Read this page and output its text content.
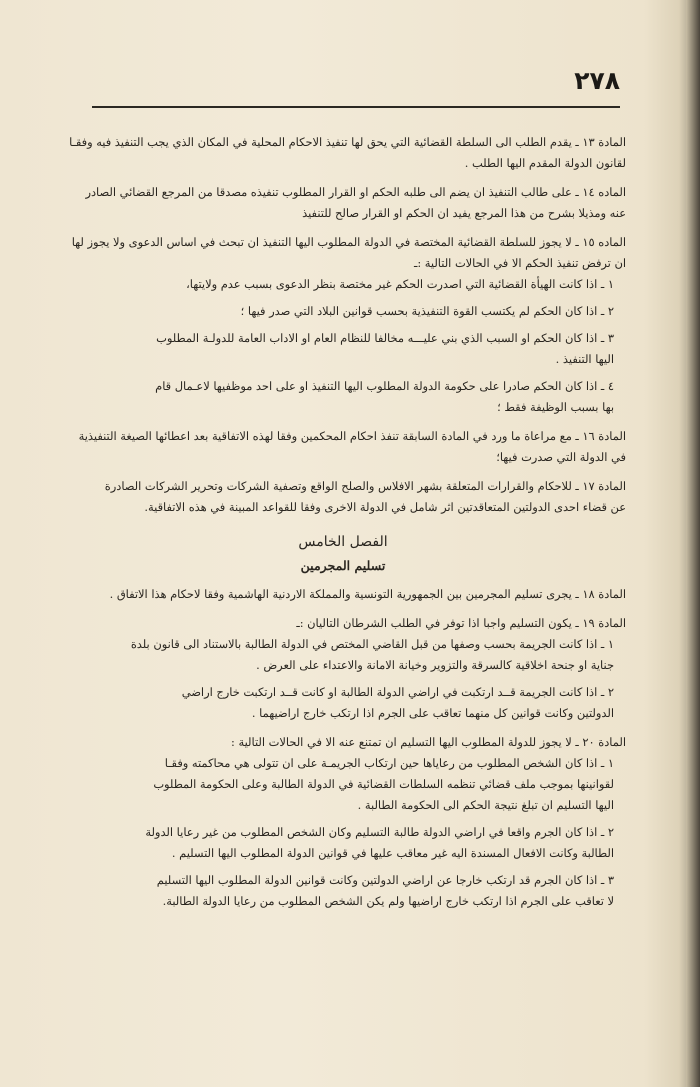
٢٧٨

المادة ١٣ ـ يقدم الطلب الى السلطة القضائية التي يحق لها تنفيذ الاحكام المحلية في المكان الذي يجب التنفيذ فيه وفقـا

لقانون الدولة المقدم اليها الطلب .

الماده ١٤ ـ على طالب التنفيذ ان يضم الى طلبه الحكم او القرار المطلوب تنفيذه مصدقا من المرجع القضائي الصادر

عنه ومذيلا بشرح من هذا المرجع يفيد ان الحكم او القرار صالح للتنفيذ

الماده ١٥ ـ لا يجوز للسلطة القضائية المختصة في الدولة المطلوب اليها التنفيذ ان تبحث في اساس الدعوى ولا يجوز لها

ان ترفض تنفيذ الحكم الا في الحالات التالية :ـ

١ ـ اذا كانت الهيأة القضائية التي اصدرت الحكم غير مختصة بنظر الدعوى بسبب عدم ولايتها،

٢ ـ اذا كان الحكم لم يكتسب القوة التنفيذية بحسب قوانين البلاد التي صدر فيها ؛

٣ ـ اذا كان الحكم او السبب الذي بني عليـــه مخالفا للنظام العام او الاداب العامة للدولـة المطلوب

اليها التنفيذ .

٤ ـ اذا كان الحكم صادرا على حكومة الدولة المطلوب اليها التنفيذ او على احد موظفيها لاعـمال قام

بها بسبب الوظيفة فقط ؛

المادة ١٦ ـ مع مراعاة ما ورد في المادة السابقة تنفذ احكام المحكمين وفقا لهذه الاتفاقية بعد اعطائها الصيغة التنفيذية

في الدولة التي صدرت فيها؛

المادة ١٧ ـ للاحكام والقرارات المتعلقة بشهر الافلاس والصلح الواقع وتصفية الشركات وتحرير الشركات الصادرة

عن قضاء احدى الدولتين المتعاقدتين اثر شامل في الدولة الاخرى وفقا للقواعد المبينة في هذه الاتفاقية.

الفصل الخامس
تسليم المجرمين

المادة ١٨ ـ يجرى تسليم المجرمين بين الجمهورية التونسية والمملكة الاردنية الهاشمية وفقا لاحكام هذا الاتفاق .

المادة ١٩ ـ يكون التسليم واجبا اذا توفر في الطلب الشرطان التاليان :ـ

١ ـ اذا كانت الجريمة بحسب وصفها من قبل القاضي المختص في الدولة الطالبة بالاستناد الى قانون بلدة

جناية او جنحة اخلاقية كالسرقة والتزوير وخيانة الامانة والاعتداء على العرض .

٢ ـ اذا كانت الجريمة قــد ارتكبت في اراضي الدولة الطالبة او كانت قــد ارتكبت خارج اراضي

الدولتين وكانت قوانين كل منهما تعاقب على الجرم اذا ارتكب خارج اراضيهما .

المادة ٢٠ ـ لا يجوز للدولة المطلوب اليها التسليم ان تمتنع عنه الا في الحالات التالية :

١ ـ اذا كان الشخص المطلوب من رعاياها حين ارتكاب الجريمـة على ان تتولى هي محاكمته وفقـا

لقوانينها بموجب ملف قضائي تنظمه السلطات القضائية في الدولة الطالبة وعلى الحكومة المطلوب

اليها التسليم ان تبلغ نتيجة الحكم الى الحكومة الطالبة .

٢ ـ اذا كان الجرم واقعا في اراضي الدولة طالبة التسليم وكان الشخص المطلوب من غير رعايا الدولة

الطالبة وكانت الافعال المسندة اليه غير معاقب عليها في قوانين الدولة المطلوب اليها التسليم .

٣ ـ اذا كان الجرم قد ارتكب خارجا عن اراضي الدولتين وكانت قوانين الدولة المطلوب اليها التسليم

لا تعاقب على الجرم اذا ارتكب خارج اراضيها ولم يكن الشخص المطلوب من رعايا الدولة الطالبة.
